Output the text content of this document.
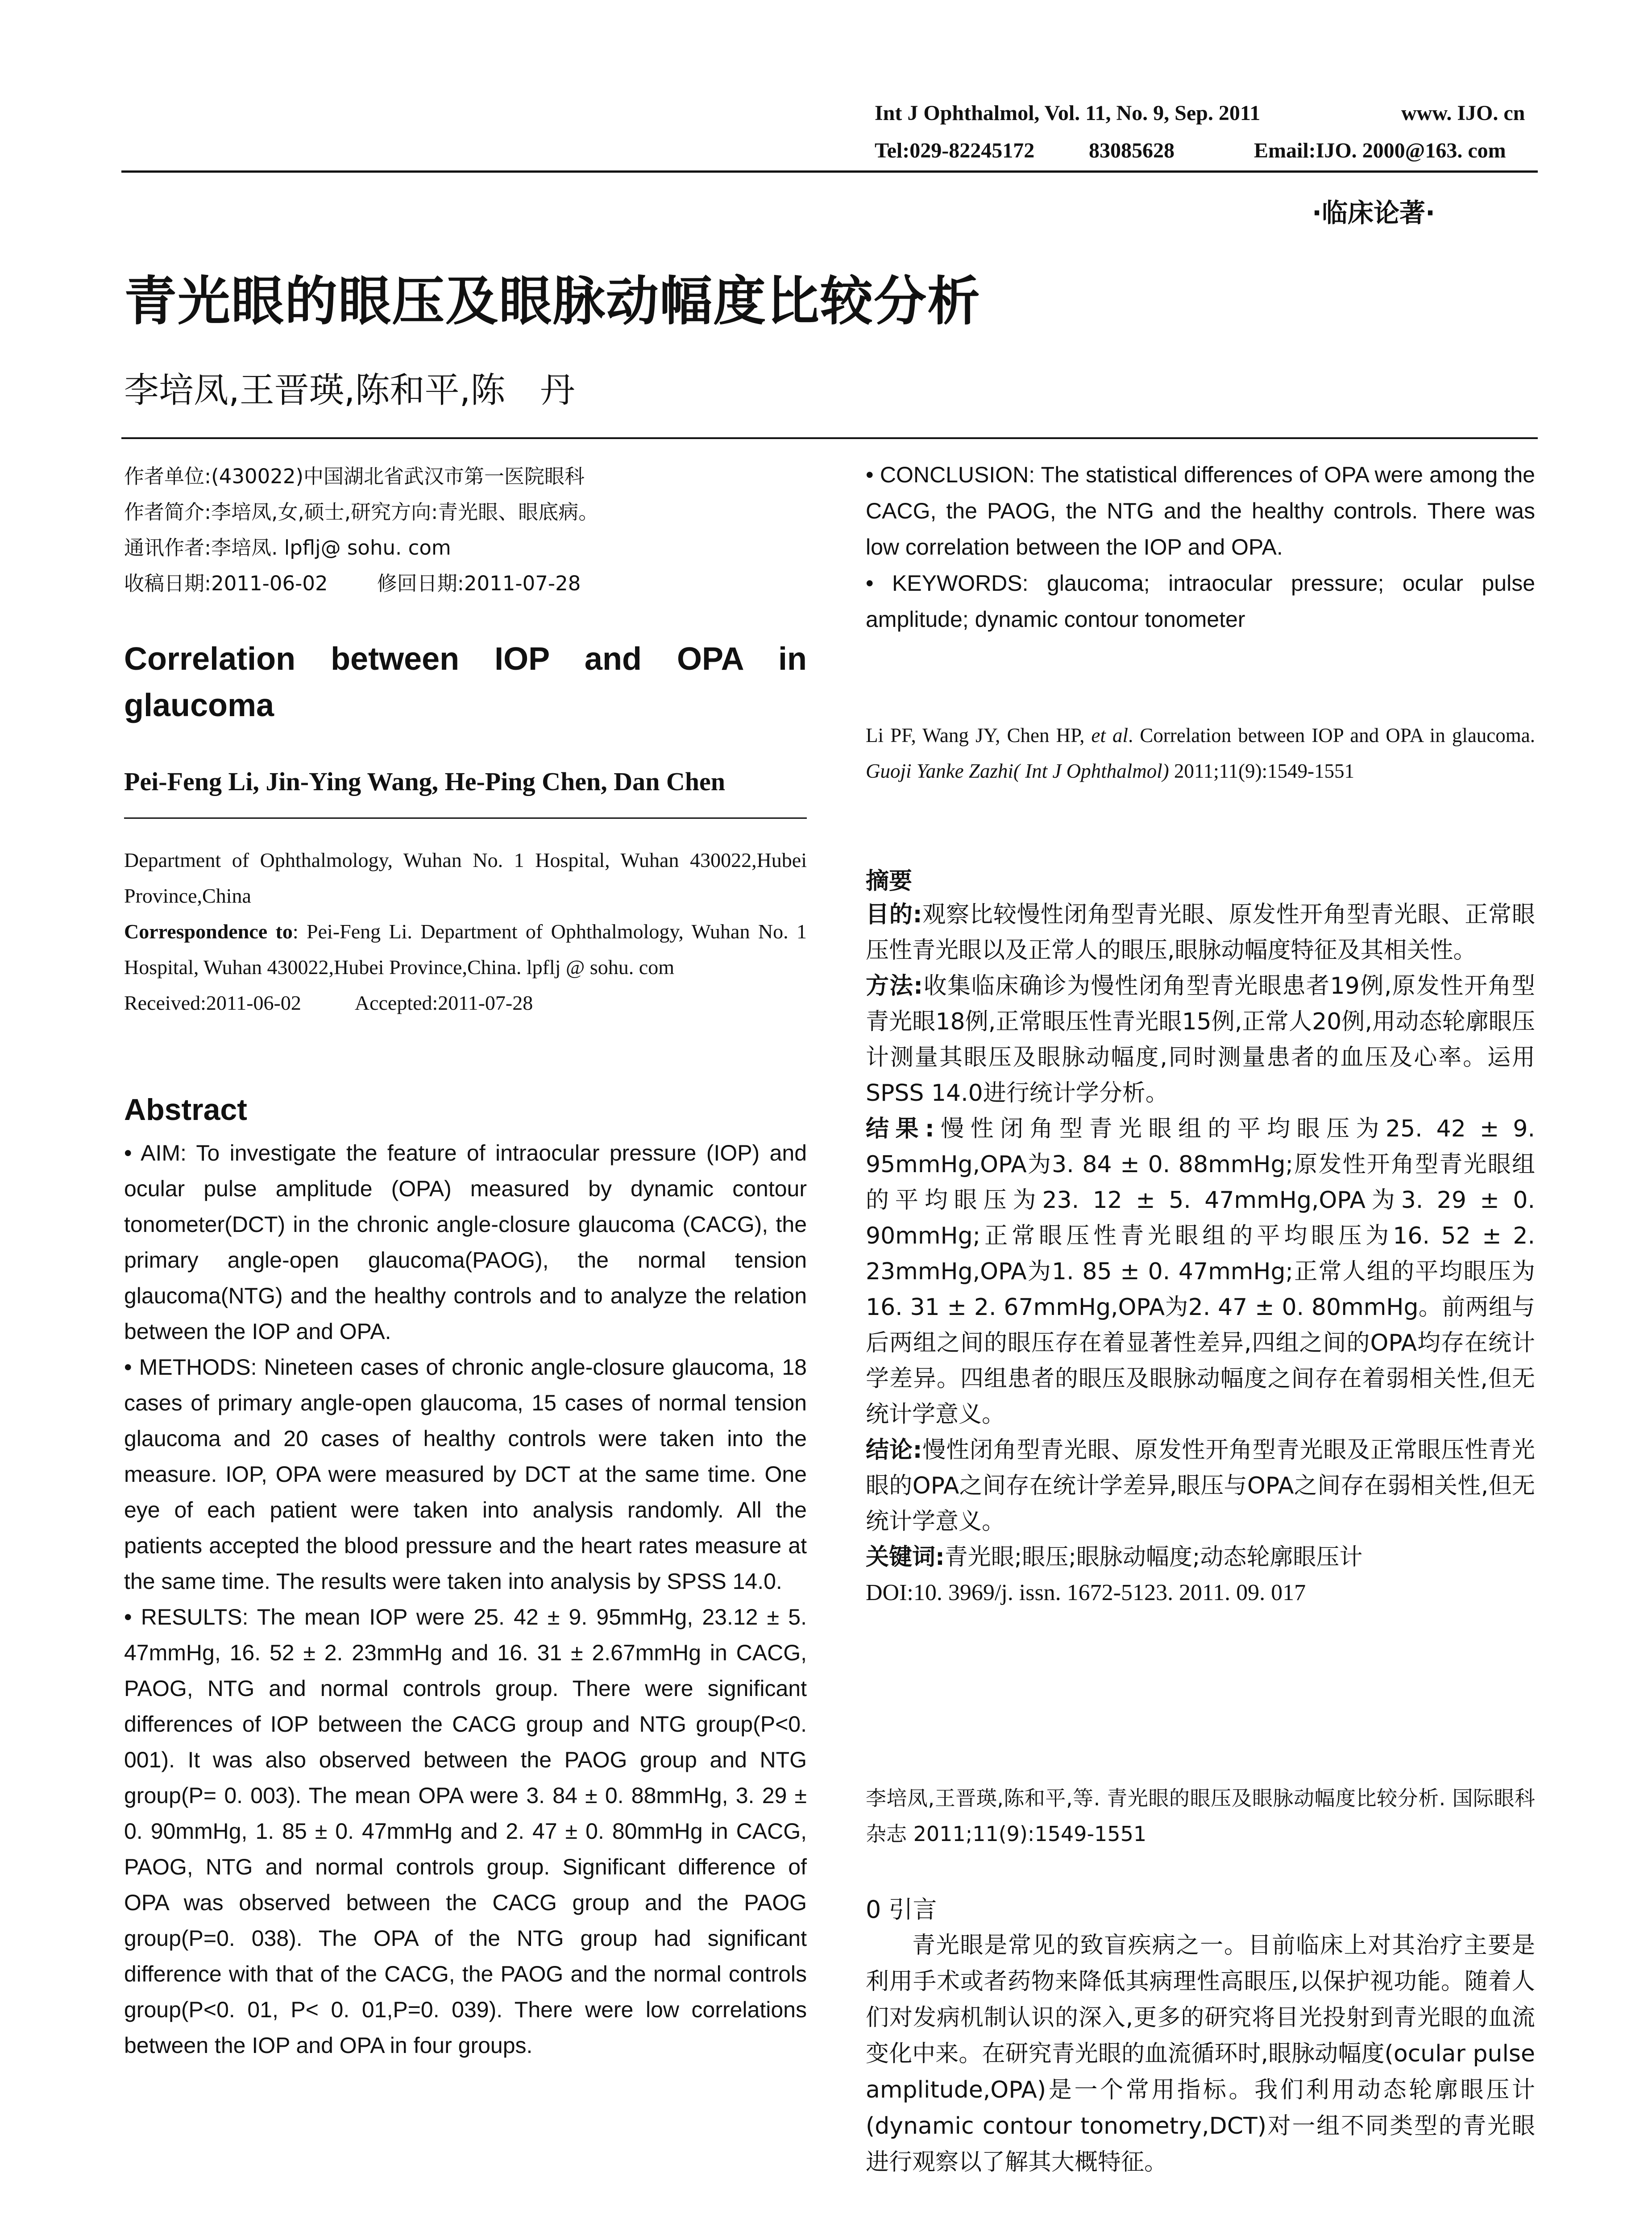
Int J Ophthalmol, Vol. 11, No. 9, Sep. 2011	www. IJO. cn
Tel:029-82245172	83085628	Email:IJO. 2000@163. com
·临床论著·
青光眼的眼压及眼脉动幅度比较分析
李培凤,王晋瑛,陈和平,陈　丹
作者单位:(430022)中国湖北省武汉市第一医院眼科
作者简介:李培凤,女,硕士,研究方向:青光眼、眼底病。
通讯作者:李培凤. lpflj@ sohu. com
收稿日期:2011-06-02 修回日期:2011-07-28
Correlation between IOP and OPA in glaucoma
Pei-Feng Li, Jin-Ying Wang, He-Ping Chen, Dan Chen

Department of Ophthalmology, Wuhan No. 1 Hospital, Wuhan 430022,Hubei Province,China

Correspondence to: Pei-Feng Li. Department of Ophthalmology, Wuhan No. 1 Hospital, Wuhan 430022,Hubei Province,China. lpflj @ sohu. com

Received:2011-06-02	Accepted:2011-07-28

Abstract

• AIM: To investigate the feature of intraocular pressure (IOP) and ocular pulse amplitude (OPA) measured by dynamic contour tonometer(DCT) in the chronic angle-closure glaucoma (CACG), the primary angle-open glaucoma(PAOG), the normal tension glaucoma(NTG) and the healthy controls and to analyze the relation between the IOP and OPA.

• METHODS: Nineteen cases of chronic angle-closure glaucoma, 18 cases of primary angle-open glaucoma, 15 cases of normal tension glaucoma and 20 cases of healthy controls were taken into the measure. IOP, OPA were measured by DCT at the same time. One eye of each patient were taken into analysis randomly. All the patients accepted the blood pressure and the heart rates measure at the same time. The results were taken into analysis by SPSS 14.0.

• RESULTS: The mean IOP were 25. 42 ± 9. 95mmHg, 23.12 ± 5. 47mmHg, 16. 52 ± 2. 23mmHg and 16. 31 ± 2.67mmHg in CACG, PAOG, NTG and normal controls group. There were significant differences of IOP between the CACG group and NTG group(P<0. 001). It was also observed between the PAOG group and NTG group(P= 0. 003). The mean OPA were 3. 84 ± 0. 88mmHg, 3. 29 ± 0. 90mmHg, 1. 85 ± 0. 47mmHg and 2. 47 ± 0. 80mmHg in CACG, PAOG, NTG and normal controls group. Significant difference of OPA was observed between the CACG group and the PAOG group(P=0. 038). The OPA of the NTG group had significant difference with that of the CACG, the PAOG and the normal controls group(P<0. 01, P< 0. 01,P=0. 039). There were low correlations between the IOP and OPA in four groups.

• CONCLUSION: The statistical differences of OPA were among the CACG, the PAOG, the NTG and the healthy controls. There was low correlation between the IOP and OPA.

• KEYWORDS: glaucoma; intraocular pressure; ocular pulse amplitude; dynamic contour tonometer

Li PF, Wang JY, Chen HP, et al. Correlation between IOP and OPA in glaucoma. Guoji Yanke Zazhi( Int J Ophthalmol) 2011;11(9):1549-1551
摘要

目的:观察比较慢性闭角型青光眼、原发性开角型青光眼、正常眼压性青光眼以及正常人的眼压,眼脉动幅度特征及其相关性。

方法:收集临床确诊为慢性闭角型青光眼患者19例,原发性开角型青光眼18例,正常眼压性青光眼15例,正常人20例,用动态轮廓眼压计测量其眼压及眼脉动幅度,同时测量患者的血压及心率。运用SPSS 14.0进行统计学分析。

结果:慢性闭角型青光眼组的平均眼压为25. 42 ± 9. 95mmHg,OPA为3. 84 ± 0. 88mmHg;原发性开角型青光眼组的平均眼压为23. 12 ± 5. 47mmHg,OPA为3. 29 ± 0. 90mmHg;正常眼压性青光眼组的平均眼压为16. 52 ± 2. 23mmHg,OPA为1. 85 ± 0. 47mmHg;正常人组的平均眼压为16. 31 ± 2. 67mmHg,OPA为2. 47 ± 0. 80mmHg。前两组与后两组之间的眼压存在着显著性差异,四组之间的OPA均存在统计学差异。四组患者的眼压及眼脉动幅度之间存在着弱相关性,但无统计学意义。

结论:慢性闭角型青光眼、原发性开角型青光眼及正常眼压性青光眼的OPA之间存在统计学差异,眼压与OPA之间存在弱相关性,但无统计学意义。

关键词:青光眼;眼压;眼脉动幅度;动态轮廓眼压计

DOI:10. 3969/j. issn. 1672-5123. 2011. 09. 017

李培凤,王晋瑛,陈和平,等. 青光眼的眼压及眼脉动幅度比较分析. 国际眼科杂志 2011;11(9):1549-1551
0 引言
青光眼是常见的致盲疾病之一。目前临床上对其治疗主要是利用手术或者药物来降低其病理性高眼压,以保护视功能。随着人们对发病机制认识的深入,更多的研究将目光投射到青光眼的血流变化中来。在研究青光眼的血流循环时,眼脉动幅度(ocular pulse amplitude,OPA)是一个常用指标。我们利用动态轮廓眼压计(dynamic contour tonometry,DCT)对一组不同类型的青光眼进行观察以了解其大概特征。
